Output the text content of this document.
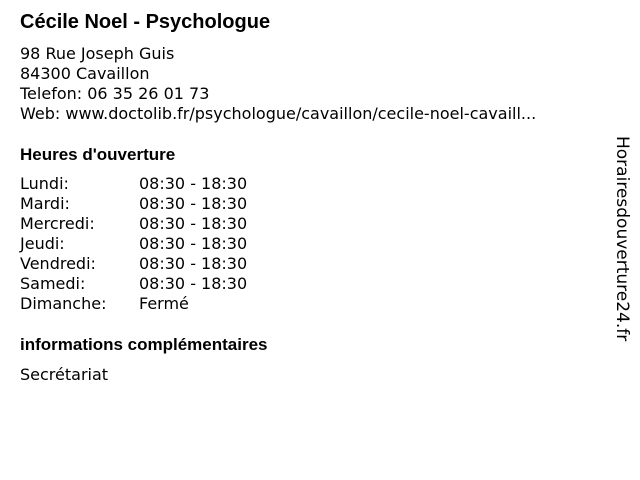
Cécile Noel - Psychologue
98 Rue Joseph Guis
84300 Cavaillon
Telefon: 06 35 26 01 73
Web: www.doctolib.fr/psychologue/cavaillon/cecile-noel-cavaill...
Heures d'ouverture
Lundi:	08:30 - 18:30
Mardi:	08:30 - 18:30
Mercredi:	08:30 - 18:30
Jeudi:	08:30 - 18:30
Vendredi:	08:30 - 18:30
Samedi:	08:30 - 18:30
Dimanche:	Fermé
informations complémentaires
Secrétariat
Horairesdouverture24.fr
